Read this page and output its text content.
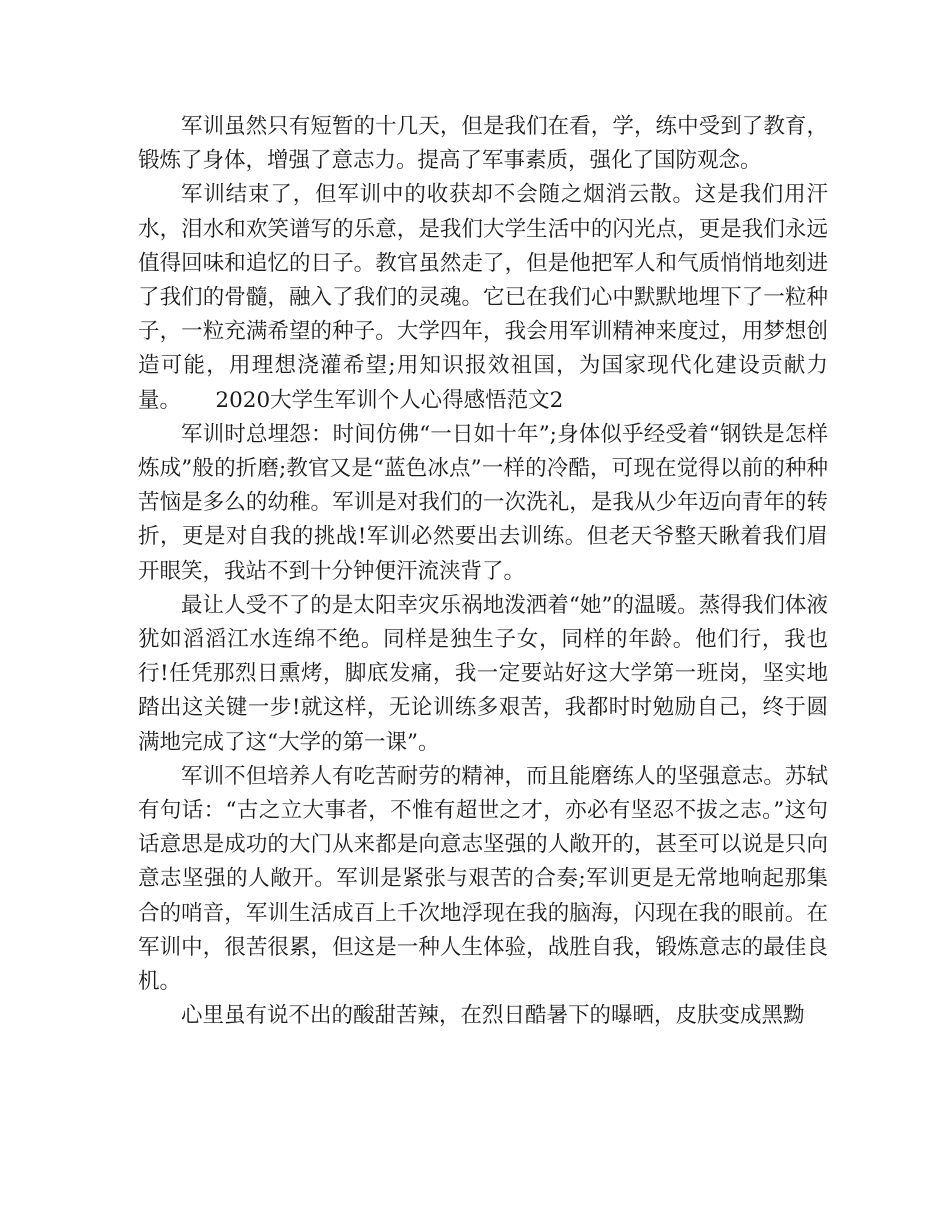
军训虽然只有短暂的十几天，但是我们在看，学，练中受到了教育，锻炼了身体，增强了意志力。提高了军事素质，强化了国防观念。

军训结束了，但军训中的收获却不会随之烟消云散。这是我们用汗水，泪水和欢笑谱写的乐意，是我们大学生活中的闪光点，更是我们永远值得回味和追忆的日子。教官虽然走了，但是他把军人和气质悄悄地刻进了我们的骨髓，融入了我们的灵魂。它已在我们心中默默地埋下了一粒种子，一粒充满希望的种子。大学四年，我会用军训精神来度过，用梦想创造可能，用理想浇灌希望;用知识报效祖国，为国家现代化建设贡献力量。 2020大学生军训个人心得感悟范文2

军训时总埋怨：时间仿佛“一日如十年”;身体似乎经受着“钢铁是怎样炼成”般的折磨;教官又是“蓝色冰点”一样的冷酷，可现在觉得以前的种种苦恼是多么的幼稚。军训是对我们的一次洗礼，是我从少年迈向青年的转折，更是对自我的挑战!军训必然要出去训练。但老天爷整天瞅着我们眉开眼笑，我站不到十分钟便汗流浃背了。

最让人受不了的是太阳幸灾乐祸地泼洒着“她”的温暖。蒸得我们体液犹如滔滔江水连绵不绝。同样是独生子女，同样的年龄。他们行，我也行!任凭那烈日熏烤，脚底发痛，我一定要站好这大学第一班岗，坚实地踏出这关键一步!就这样，无论训练多艰苦，我都时时勉励自己，终于圆满地完成了这“大学的第一课”。

军训不但培养人有吃苦耐劳的精神，而且能磨练人的坚强意志。苏轼有句话：“古之立大事者，不惟有超世之才，亦必有坚忍不拔之志。”这句话意思是成功的大门从来都是向意志坚强的人敞开的，甚至可以说是只向意志坚强的人敞开。军训是紧张与艰苦的合奏;军训更是无常地响起那集合的哨音，军训生活成百上千次地浮现在我的脑海，闪现在我的眼前。在军训中，很苦很累，但这是一种人生体验，战胜自我，锻炼意志的最佳良机。

心里虽有说不出的酸甜苦辣，在烈日酷暑下的曝晒，皮肤变成黑黝
